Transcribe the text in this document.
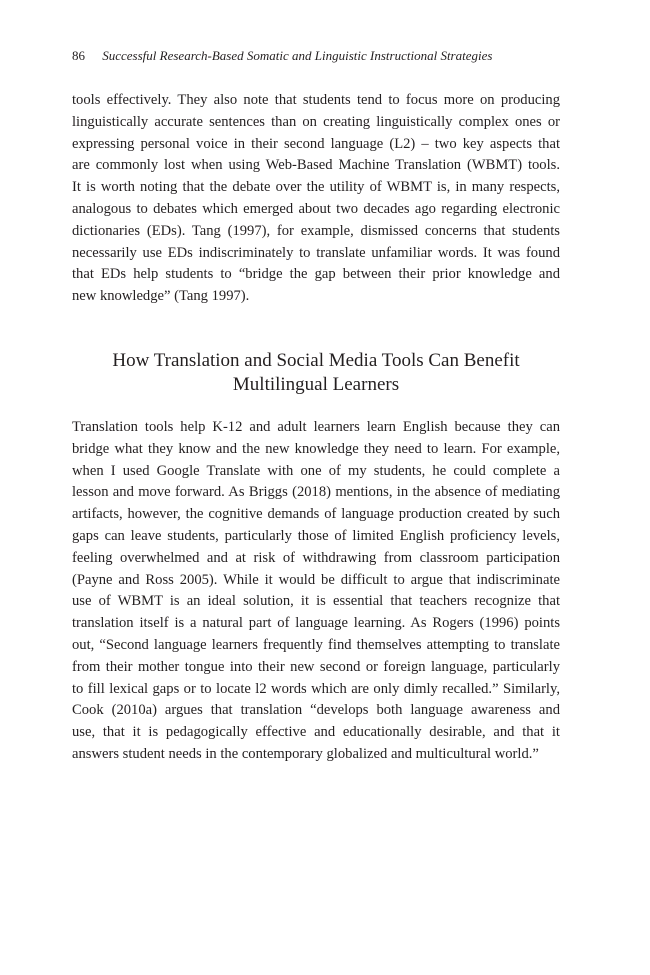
86 Successful Research-Based Somatic and Linguistic Instructional Strategies

tools effectively. They also note that students tend to focus more on producing
linguistically accurate sentences than on creating linguistically complex ones or
expressing personal voice in their second language (L2) – two key aspects that
are commonly lost when using Web-Based Machine Translation (WBMT) tools.
It is worth noting that the debate over the utility of WBMT is, in many respects,
analogous to debates which emerged about two decades ago regarding electronic
dictionaries (EDs). Tang (1997), for example, dismissed concerns that students
necessarily use EDs indiscriminately to translate unfamiliar words. It was found
that EDs help students to “bridge the gap between their prior knowledge and
new knowledge” (Tang 1997).

How Translation and Social Media Tools Can Benefit
Multilingual Learners

Translation tools help K-12 and adult learners learn English because they can
bridge what they know and the new knowledge they need to learn. For example,
when I used Google Translate with one of my students, he could complete a
lesson and move forward. As Briggs (2018) mentions, in the absence of mediating
artifacts, however, the cognitive demands of language production created by such
gaps can leave students, particularly those of limited English proficiency levels,
feeling overwhelmed and at risk of withdrawing from classroom participation
(Payne and Ross 2005). While it would be difficult to argue that indiscriminate
use of WBMT is an ideal solution, it is essential that teachers recognize that
translation itself is a natural part of language learning. As Rogers (1996) points
out, “Second language learners frequently find themselves attempting to translate
from their mother tongue into their new second or foreign language, particularly
to fill lexical gaps or to locate l2 words which are only dimly recalled.” Similarly,
Cook (2010a) argues that translation “develops both language awareness and
use, that it is pedagogically effective and educationally desirable, and that it
answers student needs in the contemporary globalized and multicultural world.”
